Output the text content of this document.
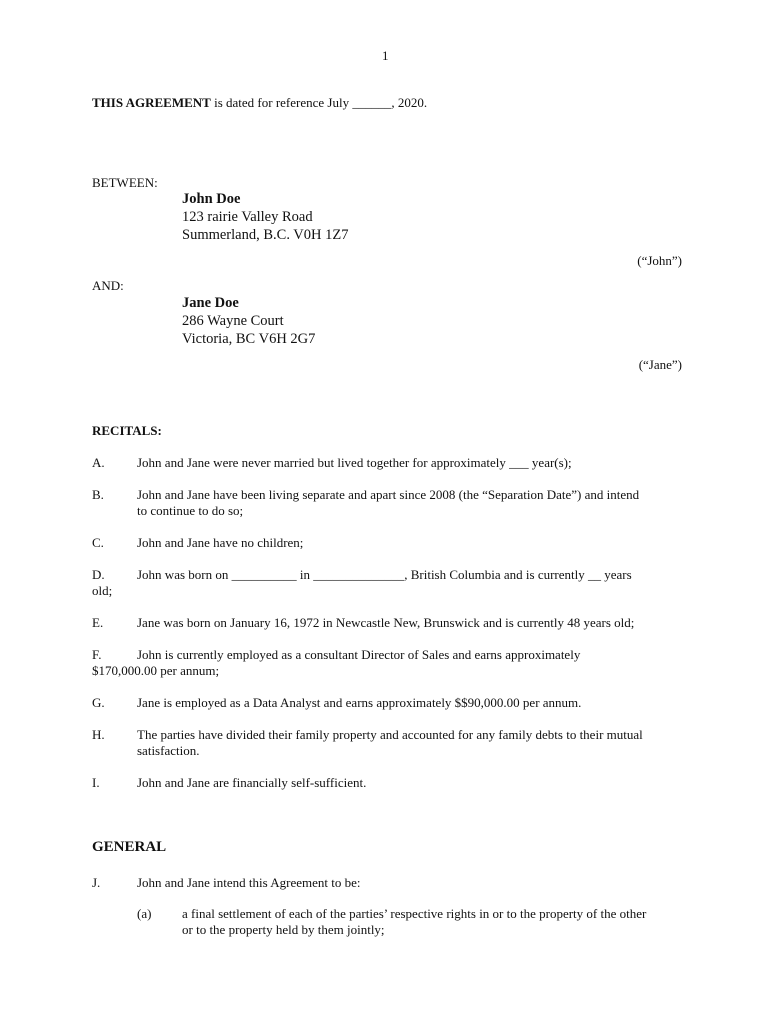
1
THIS AGREEMENT is dated for reference July ______, 2020.
BETWEEN:
John Doe
123 rairie Valley Road
Summerland, B.C. V0H 1Z7
(“John”)
AND:
Jane Doe
286 Wayne Court
Victoria, BC V6H 2G7
(“Jane”)
RECITALS:
A. John and Jane were never married but lived together for approximately ___ year(s);
B.	John and Jane have been living separate and apart since 2008 (the “Separation Date”) and intend
to continue to do so;
C.	John and Jane have no children;
D. John was born on __________ in ______________, British Columbia and is currently __ years
old;
E.	Jane was born on January 16, 1972 in Newcastle New, Brunswick and is currently 48 years old;
F.	John is currently employed as a consultant Director of Sales and earns approximately
$170,000.00 per annum;
G. Jane is employed as a Data Analyst and earns approximately $$90,000.00 per annum.
H. The parties have divided their family property and accounted for any family debts to their mutual
satisfaction.
I.	John and Jane are financially self-sufficient.
GENERAL
J.	John and Jane intend this Agreement to be:
(a) a final settlement of each of the parties’ respective rights in or to the property of the other
or to the property held by them jointly;
